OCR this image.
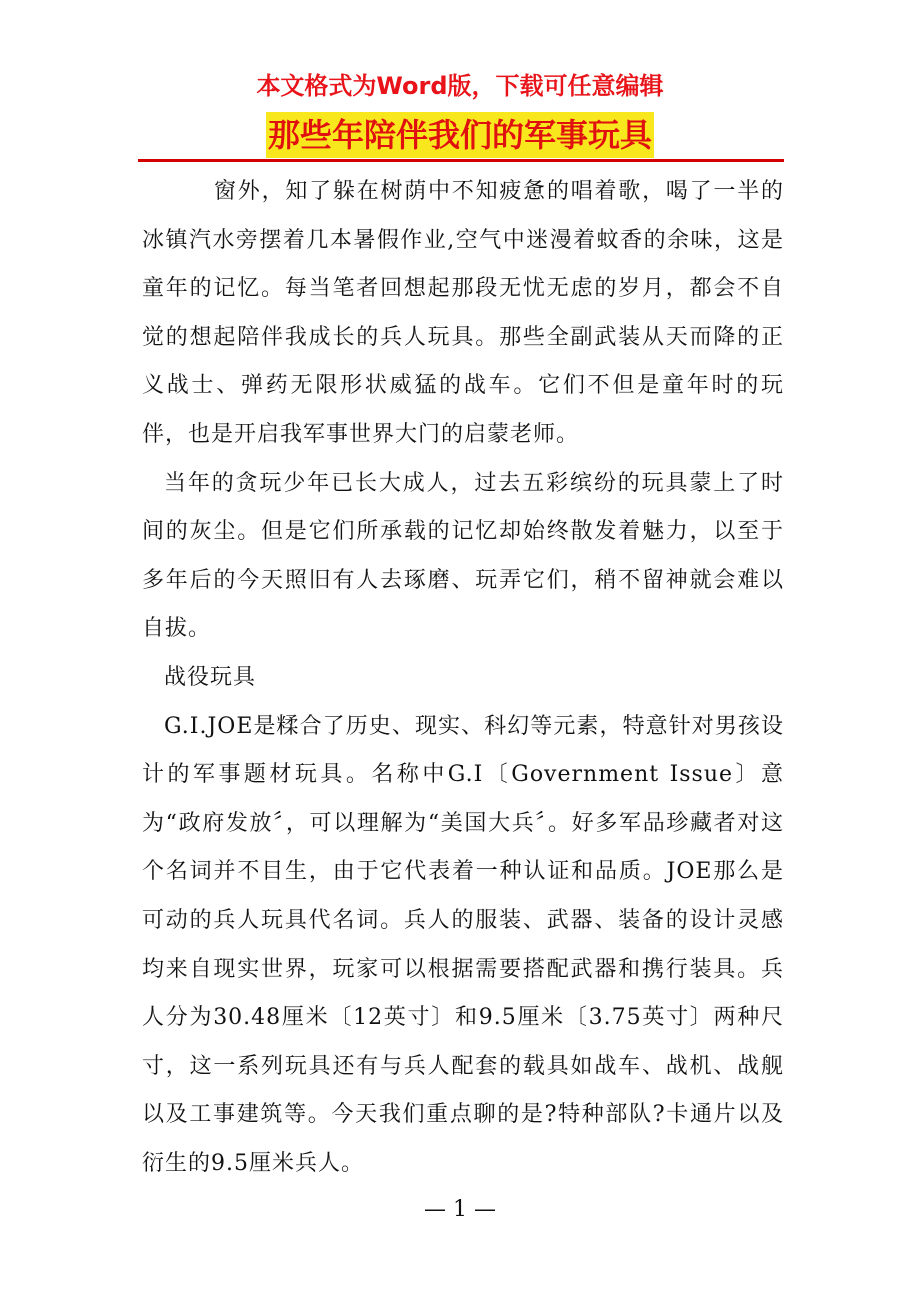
本文格式为Word版，下载可任意编辑
那些年陪伴我们的军事玩具

窗外，知了躲在树荫中不知疲惫的唱着歌，喝了一半的冰镇汽水旁摆着几本暑假作业,空气中迷漫着蚊香的余味，这是童年的记忆。每当笔者回想起那段无忧无虑的岁月，都会不自觉的想起陪伴我成长的兵人玩具。那些全副武装从天而降的正义战士、弹药无限形状威猛的战车。它们不但是童年时的玩伴，也是开启我军事世界大门的启蒙老师。

当年的贪玩少年已长大成人，过去五彩缤纷的玩具蒙上了时间的灰尘。但是它们所承载的记忆却始终散发着魅力，以至于多年后的今天照旧有人去琢磨、玩弄它们，稍不留神就会难以自拔。

战役玩具

G.I.JOE是糅合了历史、现实、科幻等元素，特意针对男孩设计的军事题材玩具。名称中G.I〔Government Issue〕意为“政府发放〞，可以理解为“美国大兵〞。好多军品珍藏者对这个名词并不目生，由于它代表着一种认证和品质。JOE那么是可动的兵人玩具代名词。兵人的服装、武器、装备的设计灵感均来自现实世界，玩家可以根据需要搭配武器和携行装具。兵人分为30.48厘米〔12英寸〕和9.5厘米〔3.75英寸〕两种尺寸，这一系列玩具还有与兵人配套的载具如战车、战机、战舰以及工事建筑等。今天我们重点聊的是?特种部队?卡通片以及衍生的9.5厘米兵人。

— 1 —
